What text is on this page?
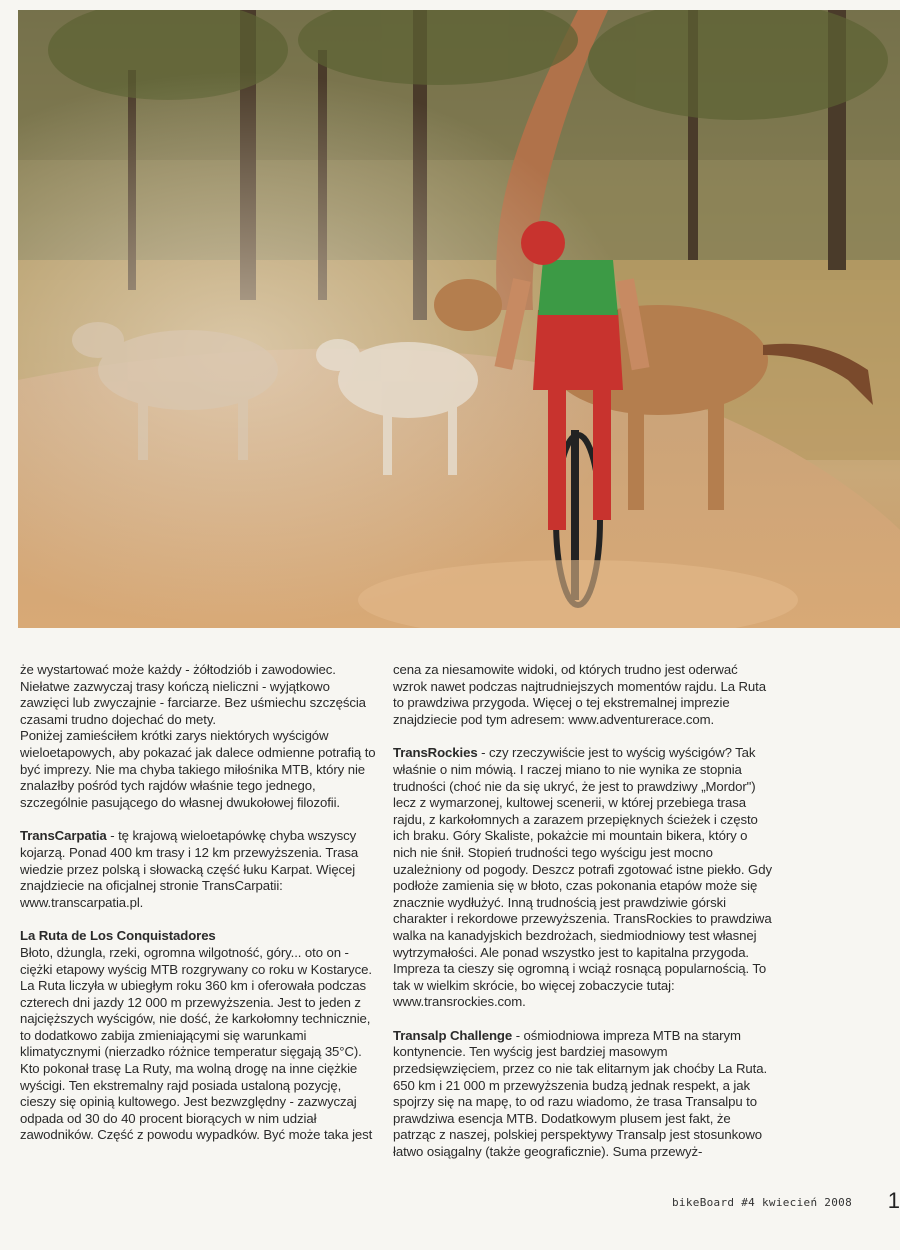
że wystartować może każdy - żółtodziób i zawodowiec. Niełatwe zazwyczaj trasy kończą nieliczni - wyjątkowo zawzięci lub zwyczajnie - farciarze. Bez uśmiechu szczęścia czasami trudno dojechać do mety.

Poniżej zamieściłem krótki zarys niektórych wyścigów wieloetapowych, aby pokazać jak dalece odmienne potrafią to być imprezy. Nie ma chyba takiego miłośnika MTB, który nie znalazłby pośród tych rajdów właśnie tego jednego, szczególnie pasującego do własnej dwukołowej filozofii.

TransCarpatia - tę krajową wieloetapówkę chyba wszyscy kojarzą. Ponad 400 km trasy i 12 km przewyższenia. Trasa wiedzie przez polską i słowacką część łuku Karpat. Więcej znajdziecie na oficjalnej stronie TransCarpatii: www.transcarpatia.pl.

La Ruta de Los Conquistadores
Błoto, dżungla, rzeki, ogromna wilgotność, góry... oto on - ciężki etapowy wyścig MTB rozgrywany co roku w Kostaryce. La Ruta liczyła w ubiegłym roku 360 km i oferowała podczas czterech dni jazdy 12 000 m przewyższenia. Jest to jeden z najcięższych wyścigów, nie dość, że karkołomny technicznie, to dodatkowo zabija zmieniającymi się warunkami klimatycznymi (nierzadko różnice temperatur sięgają 35°C). Kto pokonał trasę La Ruty, ma wolną drogę na inne ciężkie wyścigi. Ten ekstremalny rajd posiada ustaloną pozycję, cieszy się opinią kultowego. Jest bezwzględny - zazwyczaj odpada od 30 do 40 procent biorących w nim udział zawodników. Część z powodu wypadków. Być może taka jest

cena za niesamowite widoki, od których trudno jest oderwać wzrok nawet podczas najtrudniejszych momentów rajdu. La Ruta to prawdziwa przygoda. Więcej o tej ekstremalnej imprezie znajdziecie pod tym adresem: www.adventurerace.com.

TransRockies - czy rzeczywiście jest to wyścig wyścigów? Tak właśnie o nim mówią. I raczej miano to nie wynika ze stopnia trudności (choć nie da się ukryć, że jest to prawdziwy „Mordor") lecz z wymarzonej, kultowej scenerii, w której przebiega trasa rajdu, z karkołomnych a zarazem przepięknych ścieżek i często ich braku. Góry Skaliste, pokażcie mi mountain bikera, który o nich nie śnił. Stopień trudności tego wyścigu jest mocno uzależniony od pogody. Deszcz potrafi zgotować istne piekło. Gdy podłoże zamienia się w błoto, czas pokonania etapów może się znacznie wydłużyć. Inną trudnością jest prawdziwie górski charakter i rekordowe przewyższenia. TransRockies to prawdziwa walka na kanadyjskich bezdrożach, siedmiodniowy test własnej wytrzymałości. Ale ponad wszystko jest to kapitalna przygoda. Impreza ta cieszy się ogromną i wciąż rosnącą popularnością. To tak w wielkim skrócie, bo więcej zobaczycie tutaj: www.transrockies.com.

Transalp Challenge - ośmiodniowa impreza MTB na starym kontynencie. Ten wyścig jest bardziej masowym przedsięwzięciem, przez co nie tak elitarnym jak choćby La Ruta. 650 km i 21 000 m przewyższenia budzą jednak respekt, a jak spojrzy się na mapę, to od razu wiadomo, że trasa Transalpu to prawdziwa esencja MTB. Dodatkowym plusem jest fakt, że patrząc z naszej, polskiej perspektywy Transalp jest stosunkowo łatwo osiągalny (także geograficznie). Suma przewyż-

bikeBoard #4 kwiecień 2008 1
